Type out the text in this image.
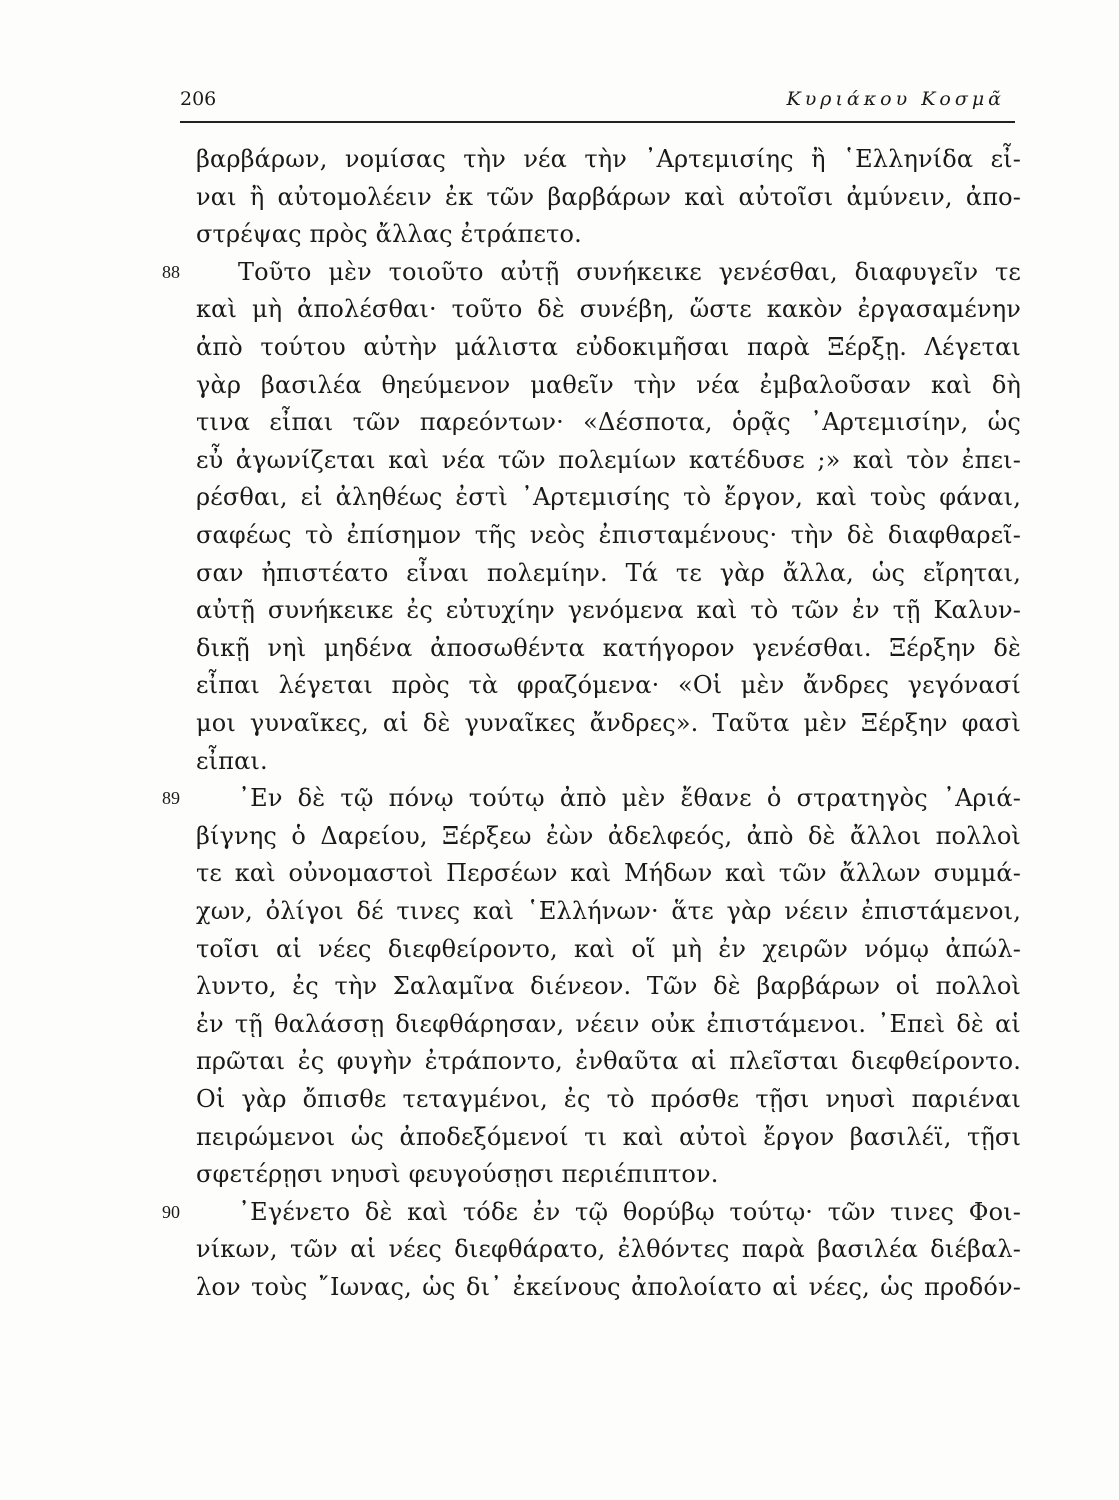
206	Κυριάκου Κοσμᾶ
βαρβάρων, νομίσας τὴν νέα τὴν ᾿Αρτεμισίης ἢ ῾Ελληνίδα εἶ-
ναι ἢ αὐτομολέειν ἐκ τῶν βαρβάρων καὶ αὐτοῖσι ἀμύνειν, ἀπο-
στρέψας πρὸς ἄλλας ἐτράπετο.
88	Τοῦτο μὲν τοιοῦτο αὐτῇ συνήκεικε γενέσθαι, διαφυγεῖν τε
καὶ μὴ ἀπολέσθαι· τοῦτο δὲ συνέβη, ὥστε κακὸν ἐργασαμένην
ἀπὸ τούτου αὐτὴν μάλιστα εὐδοκιμῆσαι παρὰ Ξέρξῃ. Λέγεται
γὰρ βασιλέα θηεύμενον μαθεῖν τὴν νέα ἐμβαλοῦσαν καὶ δὴ
τινα εἶπαι τῶν παρεόντων· «Δέσποτα, ὁρᾷς ᾿Αρτεμισίην, ὡς
εὖ ἀγωνίζεται καὶ νέα τῶν πολεμίων κατέδυσε ;» καὶ τὸν ἐπει-
ρέσθαι, εἰ ἀληθέως ἐστὶ ᾿Αρτεμισίης τὸ ἔργον, καὶ τοὺς φάναι,
σαφέως τὸ ἐπίσημον τῆς νεὸς ἐπισταμένους· τὴν δὲ διαφθαρεῖ-
σαν ἠπιστέατο εἶναι πολεμίην. Τά τε γὰρ ἄλλα, ὡς εἴρηται,
αὐτῇ συνήκεικε ἐς εὐτυχίην γενόμενα καὶ τὸ τῶν ἐν τῇ Καλυν-
δικῇ νηὶ μηδένα ἀποσωθέντα κατήγορον γενέσθαι. Ξέρξην δὲ
εἶπαι λέγεται πρὸς τὰ φραζόμενα· «Οἱ μὲν ἄνδρες γεγόνασί
μοι γυναῖκες, αἱ δὲ γυναῖκες ἄνδρες». Ταῦτα μὲν Ξέρξην φασὶ
εἶπαι.
89	᾿Εν δὲ τῷ πόνῳ τούτῳ ἀπὸ μὲν ἔθανε ὁ στρατηγὸς ᾿Αριά-
βίγνης ὁ Δαρείου, Ξέρξεω ἐὼν ἀδελφεός, ἀπὸ δὲ ἄλλοι πολλοὶ
τε καὶ οὐνομαστοὶ Περσέων καὶ Μήδων καὶ τῶν ἄλλων συμμά-
χων, ὀλίγοι δέ τινες καὶ ῾Ελλήνων· ἅτε γὰρ νέειν ἐπιστάμενοι,
τοῖσι αἱ νέες διεφθείροντο, καὶ οἵ μὴ ἐν χειρῶν νόμῳ ἀπώλ-
λυντο, ἐς τὴν Σαλαμῖνα διένεον. Τῶν δὲ βαρβάρων οἱ πολλοὶ
ἐν τῇ θαλάσσῃ διεφθάρησαν, νέειν οὐκ ἐπιστάμενοι. ᾿Επεὶ δὲ αἱ
πρῶται ἐς φυγὴν ἐτράποντο, ἐνθαῦτα αἱ πλεῖσται διεφθείροντο.
Οἱ γὰρ ὄπισθε τεταγμένοι, ἐς τὸ πρόσθε τῇσι νηυσὶ παριέναι
πειρώμενοι ὡς ἀποδεξόμενοί τι καὶ αὐτοὶ ἔργον βασιλέϊ, τῇσι
σφετέρῃσι νηυσὶ φευγούσῃσι περιέπιπτον.
90	᾿Εγένετο δὲ καὶ τόδε ἐν τῷ θορύβῳ τούτῳ· τῶν τινες Φοι-
νίκων, τῶν αἱ νέες διεφθάρατο, ἐλθόντες παρὰ βασιλέα διέβαλ-
λον τοὺς ῎Ιωνας, ὡς δι᾽ ἐκείνους ἀπολοίατο αἱ νέες, ὡς προδόν-
